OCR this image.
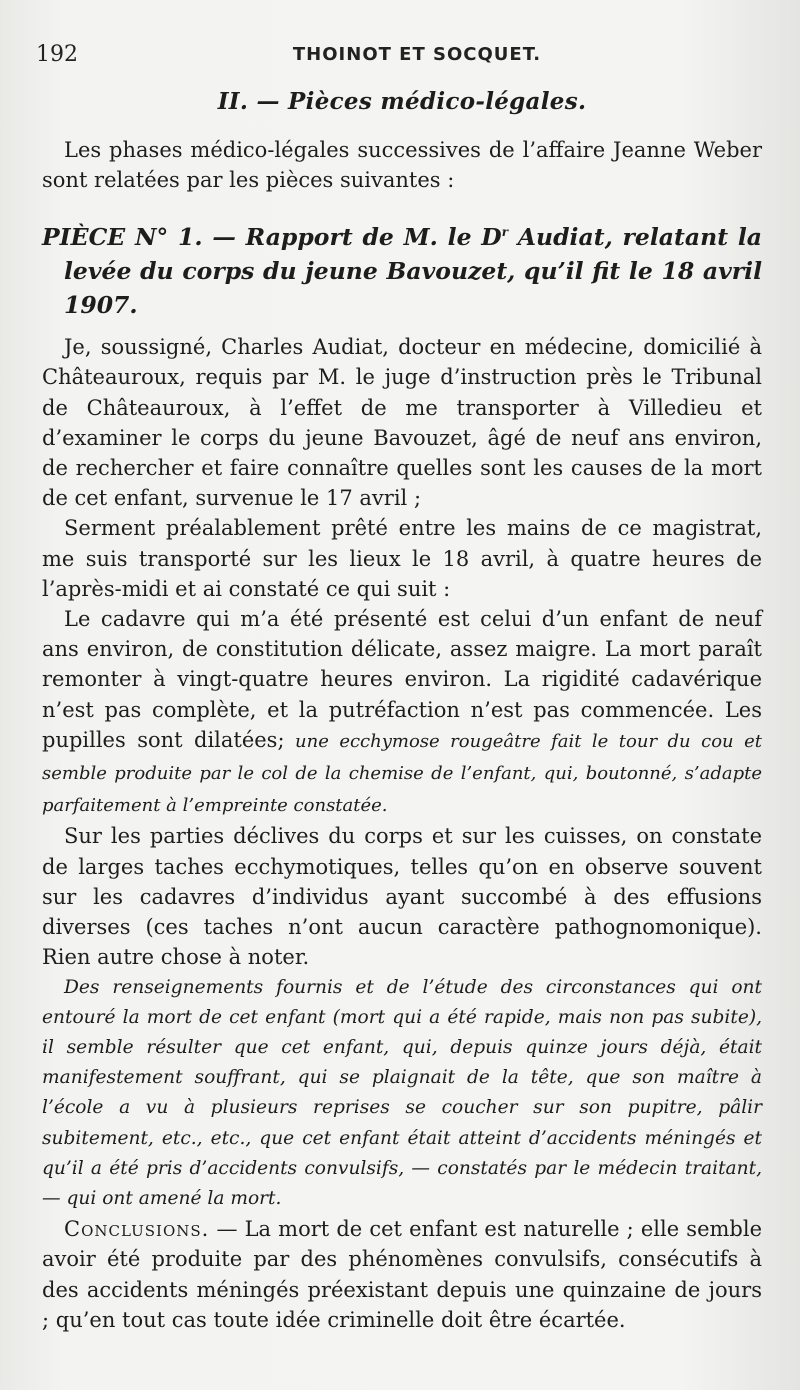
192	THOINOT ET SOCQUET.
II. — Pièces médico-légales.

Les phases médico-légales successives de l’affaire Jeanne Weber sont relatées par les pièces suivantes :

PIÈCE N° 1. — Rapport de M. le $D^r$ Audiat, relatant la levée du corps du jeune Bavouzet, qu’il fit le 18 avril 1907.

Je, soussigné, Charles Audiat, docteur en médecine, domicilié à Châteauroux, requis par M. le juge d’instruction près le Tribunal de Châteauroux, à l’effet de me transporter à Villedieu et d’examiner le corps du jeune Bavouzet, âgé de neuf ans environ, de rechercher et faire connaître quelles sont les causes de la mort de cet enfant, survenue le 17 avril ;

Serment préalablement prêté entre les mains de ce magistrat, me suis transporté sur les lieux le 18 avril, à quatre heures de l’après-midi et ai constaté ce qui suit :

Le cadavre qui m’a été présenté est celui d’un enfant de neuf ans environ, de constitution délicate, assez maigre. La mort paraît remonter à vingt-quatre heures environ. La rigidité cadavérique n’est pas complète, et la putréfaction n’est pas commencée. Les pupilles sont dilatées; une ecchymose rougeâtre fait le tour du cou et semble produite par le col de la chemise de l’enfant, qui, boutonné, s’adapte parfaitement à l’empreinte constatée.

Sur les parties déclives du corps et sur les cuisses, on constate de larges taches ecchymotiques, telles qu’on en observe souvent sur les cadavres d’individus ayant succombé à des effusions diverses (ces taches n’ont aucun caractère pathognomonique). Rien autre chose à noter.

Des renseignements fournis et de l’étude des circonstances qui ont entouré la mort de cet enfant (mort qui a été rapide, mais non pas subite), il semble résulter que cet enfant, qui, depuis quinze jours déjà, était manifestement souffrant, qui se plaignait de la tête, que son maître à l’école a vu à plusieurs reprises se coucher sur son pupitre, pâlir subitement, etc., etc., que cet enfant était atteint d’accidents méningés et qu’il a été pris d’accidents convulsifs, — constatés par le médecin traitant, — qui ont amené la mort.

Conclusions. — La mort de cet enfant est naturelle ; elle semble avoir été produite par des phénomènes convulsifs, consécutifs à des accidents méningés préexistant depuis une quinzaine de jours ; qu’en tout cas toute idée criminelle doit être écartée.
